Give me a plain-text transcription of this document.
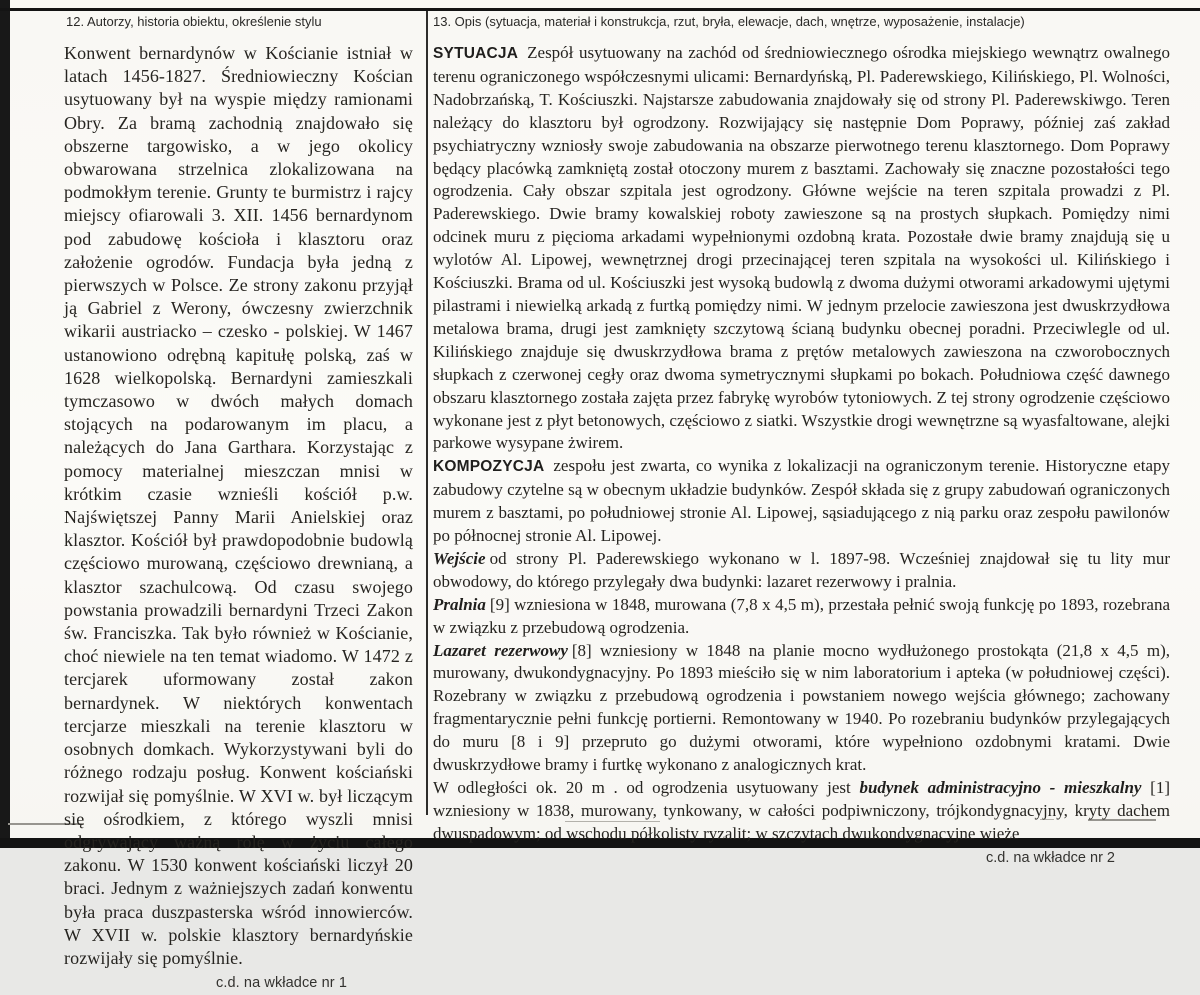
12. Autorzy, historia obiektu, określenie stylu	13. Opis (sytuacja, materiał i konstrukcja, rzut, bryła, elewacje, dach, wnętrze, wyposażenie, instalacje)

Konwent bernardynów w Kościanie istniał w latach 1456-1827. Średniowieczny Kościan usytuowany był na wyspie między ramionami Obry. Za bramą zachodnią znajdowało się obszerne targowisko, a w jego okolicy obwarowana strzelnica zlokalizowana na podmokłym terenie. Grunty te burmistrz i rajcy miejscy ofiarowali 3. XII. 1456 bernardynom pod zabudowę kościoła i klasztoru oraz założenie ogrodów. Fundacja była jedną z pierwszych w Polsce. Ze strony zakonu przyjął ją Gabriel z Werony, ówczesny zwierzchnik wikarii austriacko – czesko - polskiej. W 1467 ustanowiono odrębną kapitułę polską, zaś w 1628 wielkopolską. Bernardyni zamieszkali tymczasowo w dwóch małych domach stojących na podarowanym im placu, a należących do Jana Garthara. Korzystając z pomocy materialnej mieszczan mnisi w krótkim czasie wznieśli kościół p.w. Najświętszej Panny Marii Anielskiej oraz klasztor. Kościół był prawdopodobnie budowlą częściowo murowaną, częściowo drewnianą, a klasztor szachulcową. Od czasu swojego powstania prowadzili bernardyni Trzeci Zakon św. Franciszka. Tak było również w Kościanie, choć niewiele na ten temat wiadomo. W 1472 z tercjarek uformowany został zakon bernardynek. W niektórych konwentach tercjarze mieszkali na terenie klasztoru w osobnych domkach. Wykorzystywani byli do różnego rodzaju posług. Konwent kościański rozwijał się pomyślnie. W XVI w. był liczącym się ośrodkiem, z którego wyszli mnisi odgrywający ważną rolę w życiu całego zakonu. W 1530 konwent kościański liczył 20 braci. Jednym z ważniejszych zadań konwentu była praca duszpasterska wśród innowierców. W XVII w. polskie klasztory bernardyńskie rozwijały się pomyślnie.

c.d. na wkładce nr 1

SYTUACJA Zespół usytuowany na zachód od średniowiecznego ośrodka miejskiego wewnątrz owalnego terenu ograniczonego współczesnymi ulicami: Bernardyńską, Pl. Paderewskiego, Kilińskiego, Pl. Wolności, Nadobrzańską, T. Kościuszki. Najstarsze zabudowania znajdowały się od strony Pl. Paderewskiwgo. Teren należący do klasztoru był ogrodzony. Rozwijający się następnie Dom Poprawy, później zaś zakład psychiatryczny wzniosły swoje zabudowania na obszarze pierwotnego terenu klasztornego. Dom Poprawy będący placówką zamkniętą został otoczony murem z basztami. Zachowały się znaczne pozostałości tego ogrodzenia. Cały obszar szpitala jest ogrodzony. Główne wejście na teren szpitala prowadzi z Pl. Paderewskiego. Dwie bramy kowalskiej roboty zawieszone są na prostych słupkach. Pomiędzy nimi odcinek muru z pięcioma arkadami wypełnionymi ozdobną krata. Pozostałe dwie bramy znajdują się u wylotów Al. Lipowej, wewnętrznej drogi przecinającej teren szpitala na wysokości ul. Kilińskiego i Kościuszki. Brama od ul. Kościuszki jest wysoką budowlą z dwoma dużymi otworami arkadowymi ujętymi pilastrami i niewielką arkadą z furtką pomiędzy nimi. W jednym przelocie zawieszona jest dwuskrzydłowa metalowa brama, drugi jest zamknięty szczytową ścianą budynku obecnej poradni. Przeciwlegle od ul. Kilińskiego znajduje się dwuskrzydłowa brama z prętów metalowych zawieszona na czworobocznych słupkach z czerwonej cegły oraz dwoma symetrycznymi słupkami po bokach. Południowa część dawnego obszaru klasztornego została zajęta przez fabrykę wyrobów tytoniowych. Z tej strony ogrodzenie częściowo wykonane jest z płyt betonowych, częściowo z siatki. Wszystkie drogi wewnętrzne są wyasfaltowane, alejki parkowe wysypane żwirem.

KOMPOZYCJA zespołu jest zwarta, co wynika z lokalizacji na ograniczonym terenie. Historyczne etapy zabudowy czytelne są w obecnym układzie budynków. Zespół składa się z grupy zabudowań ograniczonych murem z basztami, po południowej stronie Al. Lipowej, sąsiadującego z nią parku oraz zespołu pawilonów po północnej stronie Al. Lipowej.

Wejście od strony Pl. Paderewskiego wykonano w l. 1897-98. Wcześniej znajdował się tu lity mur obwodowy, do którego przylegały dwa budynki: lazaret rezerwowy i pralnia.

Pralnia [9] wzniesiona w 1848, murowana (7,8 x 4,5 m), przestała pełnić swoją funkcję po 1893, rozebrana w związku z przebudową ogrodzenia.

Lazaret rezerwowy [8] wzniesiony w 1848 na planie mocno wydłużonego prostokąta (21,8 x 4,5 m), murowany, dwukondygnacyjny. Po 1893 mieściło się w nim laboratorium i apteka (w południowej części). Rozebrany w związku z przebudową ogrodzenia i powstaniem nowego wejścia głównego; zachowany fragmentarycznie pełni funkcję portierni. Remontowany w 1940. Po rozebraniu budynków przylegających do muru [8 i 9] przepruto go dużymi otworami, które wypełniono ozdobnymi kratami. Dwie dwuskrzydłowe bramy i furtkę wykonano z analogicznych krat.

W odległości ok. 20 m . od ogrodzenia usytuowany jest budynek administracyjno - mieszkalny [1] wzniesiony w 1838, murowany, tynkowany, w całości podpiwniczony, trójkondygnacyjny, kryty dachem dwuspadowym; od wschodu półkolisty ryzalit; w szczytach dwukondygnacyjne wieże

c.d. na wkładce nr 2
